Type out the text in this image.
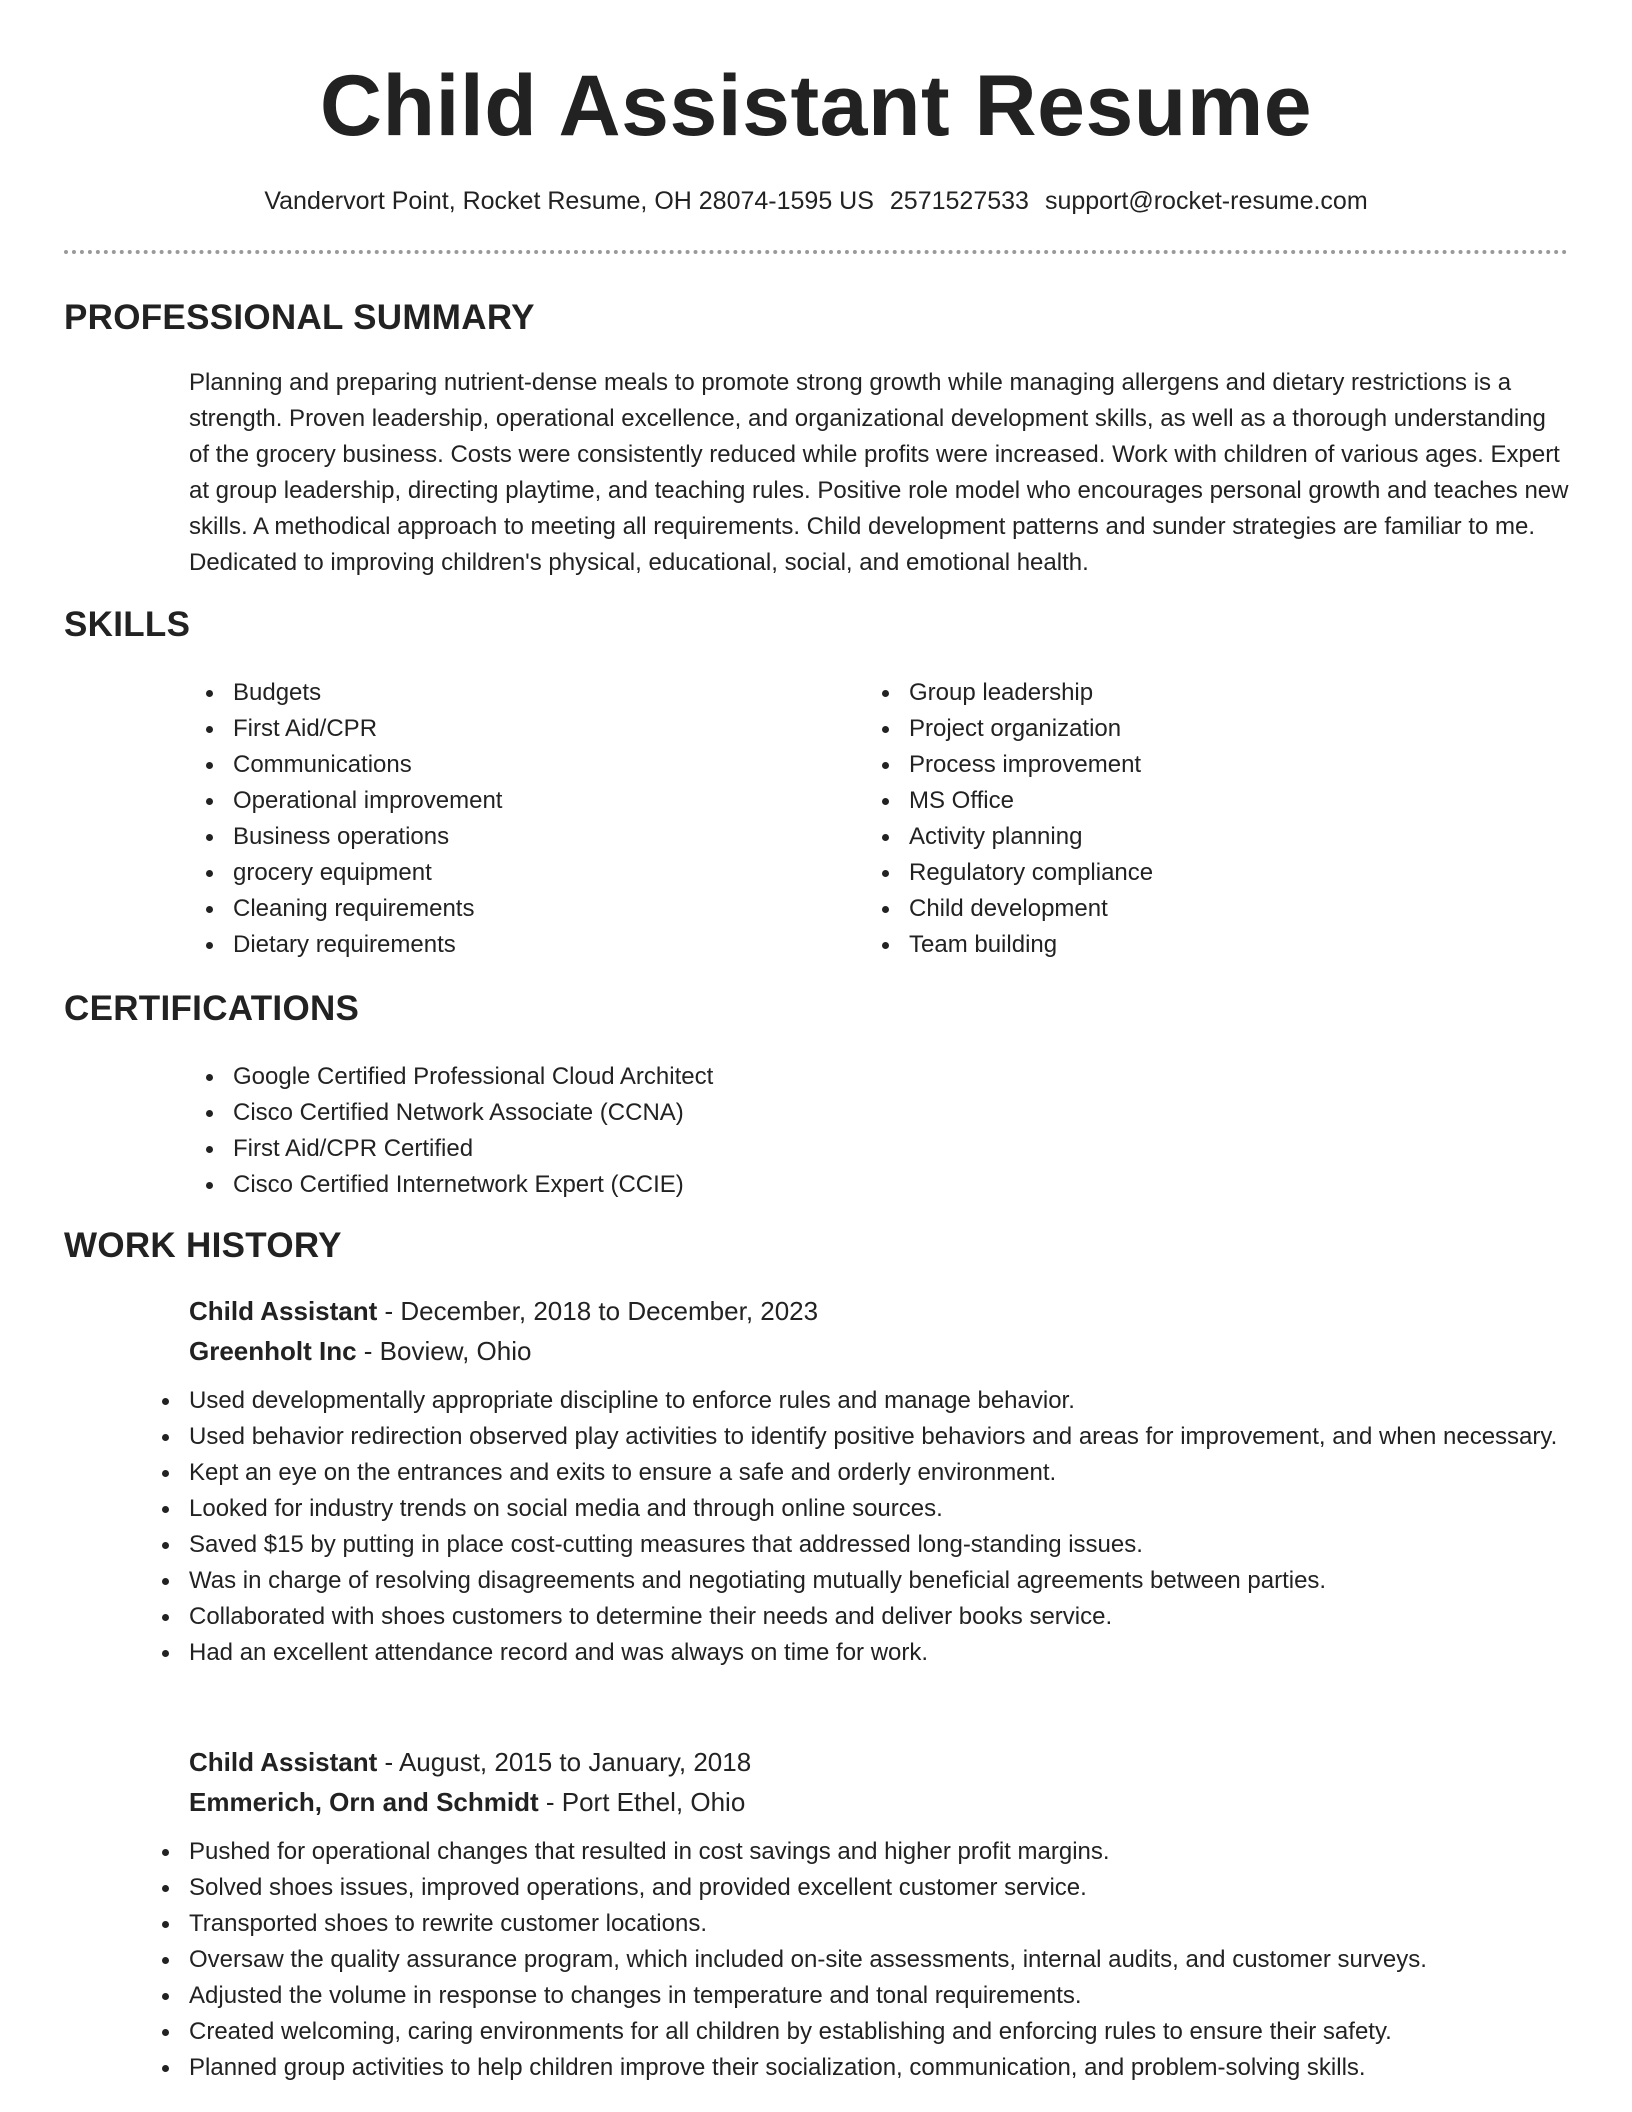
Child Assistant Resume
Vandervort Point, Rocket Resume, OH 28074-1595 US 2571527533 support@rocket-resume.com
PROFESSIONAL SUMMARY

Planning and preparing nutrient-dense meals to promote strong growth while managing allergens and dietary restrictions is a strength. Proven leadership, operational excellence, and organizational development skills, as well as a thorough understanding of the grocery business. Costs were consistently reduced while profits were increased. Work with children of various ages. Expert at group leadership, directing playtime, and teaching rules. Positive role model who encourages personal growth and teaches new skills. A methodical approach to meeting all requirements. Child development patterns and sunder strategies are familiar to me. Dedicated to improving children's physical, educational, social, and emotional health.

SKILLS
Budgets
First Aid/CPR
Communications
Operational improvement
Business operations
grocery equipment
Cleaning requirements
Dietary requirements
Group leadership
Project organization
Process improvement
MS Office
Activity planning
Regulatory compliance
Child development
Team building
CERTIFICATIONS
Google Certified Professional Cloud Architect
Cisco Certified Network Associate (CCNA)
First Aid/CPR Certified
Cisco Certified Internetwork Expert (CCIE)
WORK HISTORY
Child Assistant - December, 2018 to December, 2023
Greenholt Inc - Boview, Ohio
Used developmentally appropriate discipline to enforce rules and manage behavior.
Used behavior redirection observed play activities to identify positive behaviors and areas for improvement, and when necessary.
Kept an eye on the entrances and exits to ensure a safe and orderly environment.
Looked for industry trends on social media and through online sources.
Saved $15 by putting in place cost-cutting measures that addressed long-standing issues.
Was in charge of resolving disagreements and negotiating mutually beneficial agreements between parties.
Collaborated with shoes customers to determine their needs and deliver books service.
Had an excellent attendance record and was always on time for work.
Child Assistant - August, 2015 to January, 2018
Emmerich, Orn and Schmidt - Port Ethel, Ohio
Pushed for operational changes that resulted in cost savings and higher profit margins.
Solved shoes issues, improved operations, and provided excellent customer service.
Transported shoes to rewrite customer locations.
Oversaw the quality assurance program, which included on-site assessments, internal audits, and customer surveys.
Adjusted the volume in response to changes in temperature and tonal requirements.
Created welcoming, caring environments for all children by establishing and enforcing rules to ensure their safety.
Planned group activities to help children improve their socialization, communication, and problem-solving skills.
